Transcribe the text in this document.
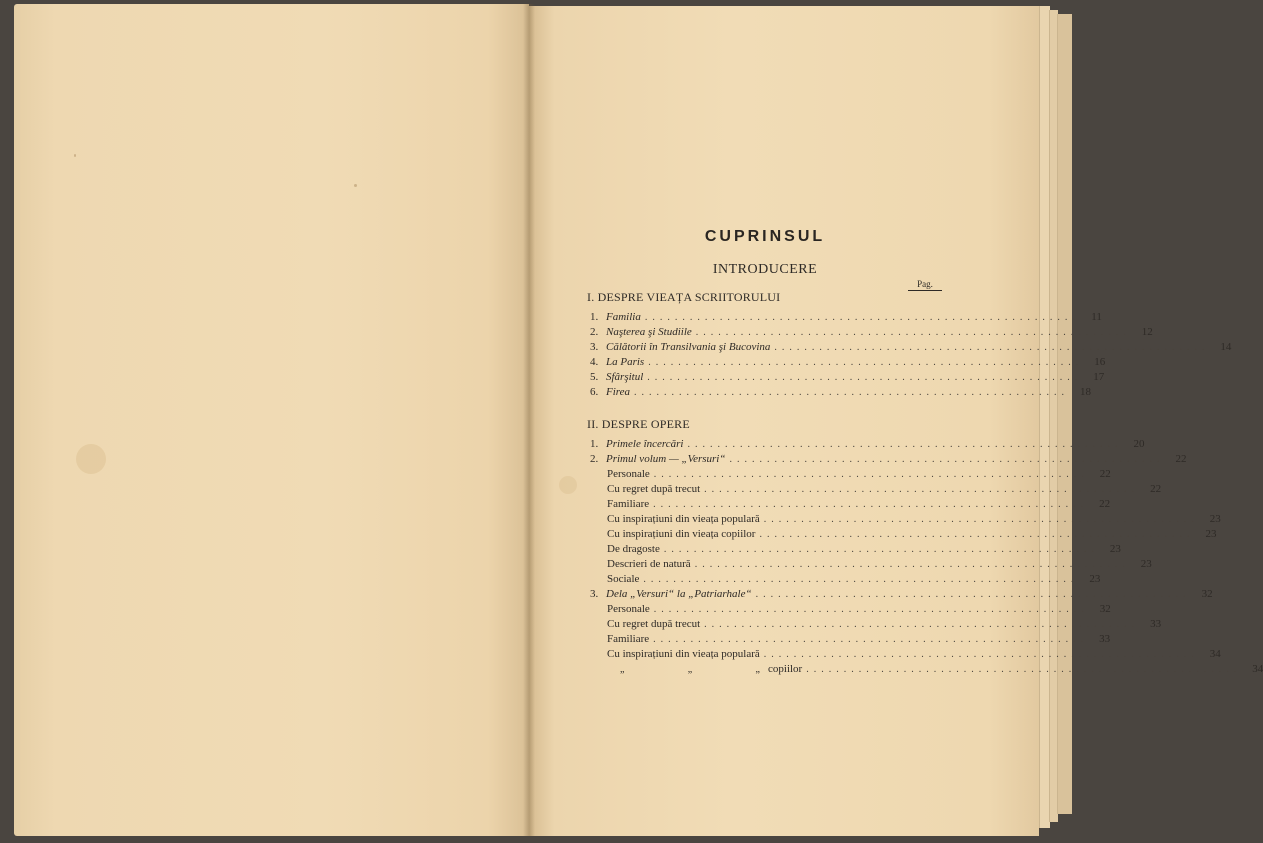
CUPRINSUL
INTRODUCERE
Pag.
I. DESPRE VIEAȚA SCRIITORULUI
1. Familia ..........................................................	11
2. Naşterea şi Studiile ..........................................................	12
3. Călătorii în Transilvania şi Bucovina ..........................................................	14
4. La Paris ..........................................................	16
5. Sfârşitul ..........................................................	17
6. Firea ..........................................................	18
II. DESPRE OPERE
1. Primele încercări ..........................................................	20
2. Primul volum — „Versuri“ ..........................................................	22
Personale ..........................................................	22
Cu regret după trecut ..........................................................	22
Familiare ..........................................................	22
Cu inspirațiuni din vieața populară ..........................................................	23
Cu inspirațiuni din vieața copiilor ..........................................................	23
De dragoste ..........................................................	23
Descrieri de natură ..........................................................	23
Sociale ..........................................................	23
3. Dela „Versuri“ la „Patriarhale“ ..........................................................	32
Personale ..........................................................	32
Cu regret după trecut ..........................................................	33
Familiare ..........................................................	33
Cu inspirațiuni din vieața populară ..........................................................	34
„	„	„ copiilor ..........................................................	34
